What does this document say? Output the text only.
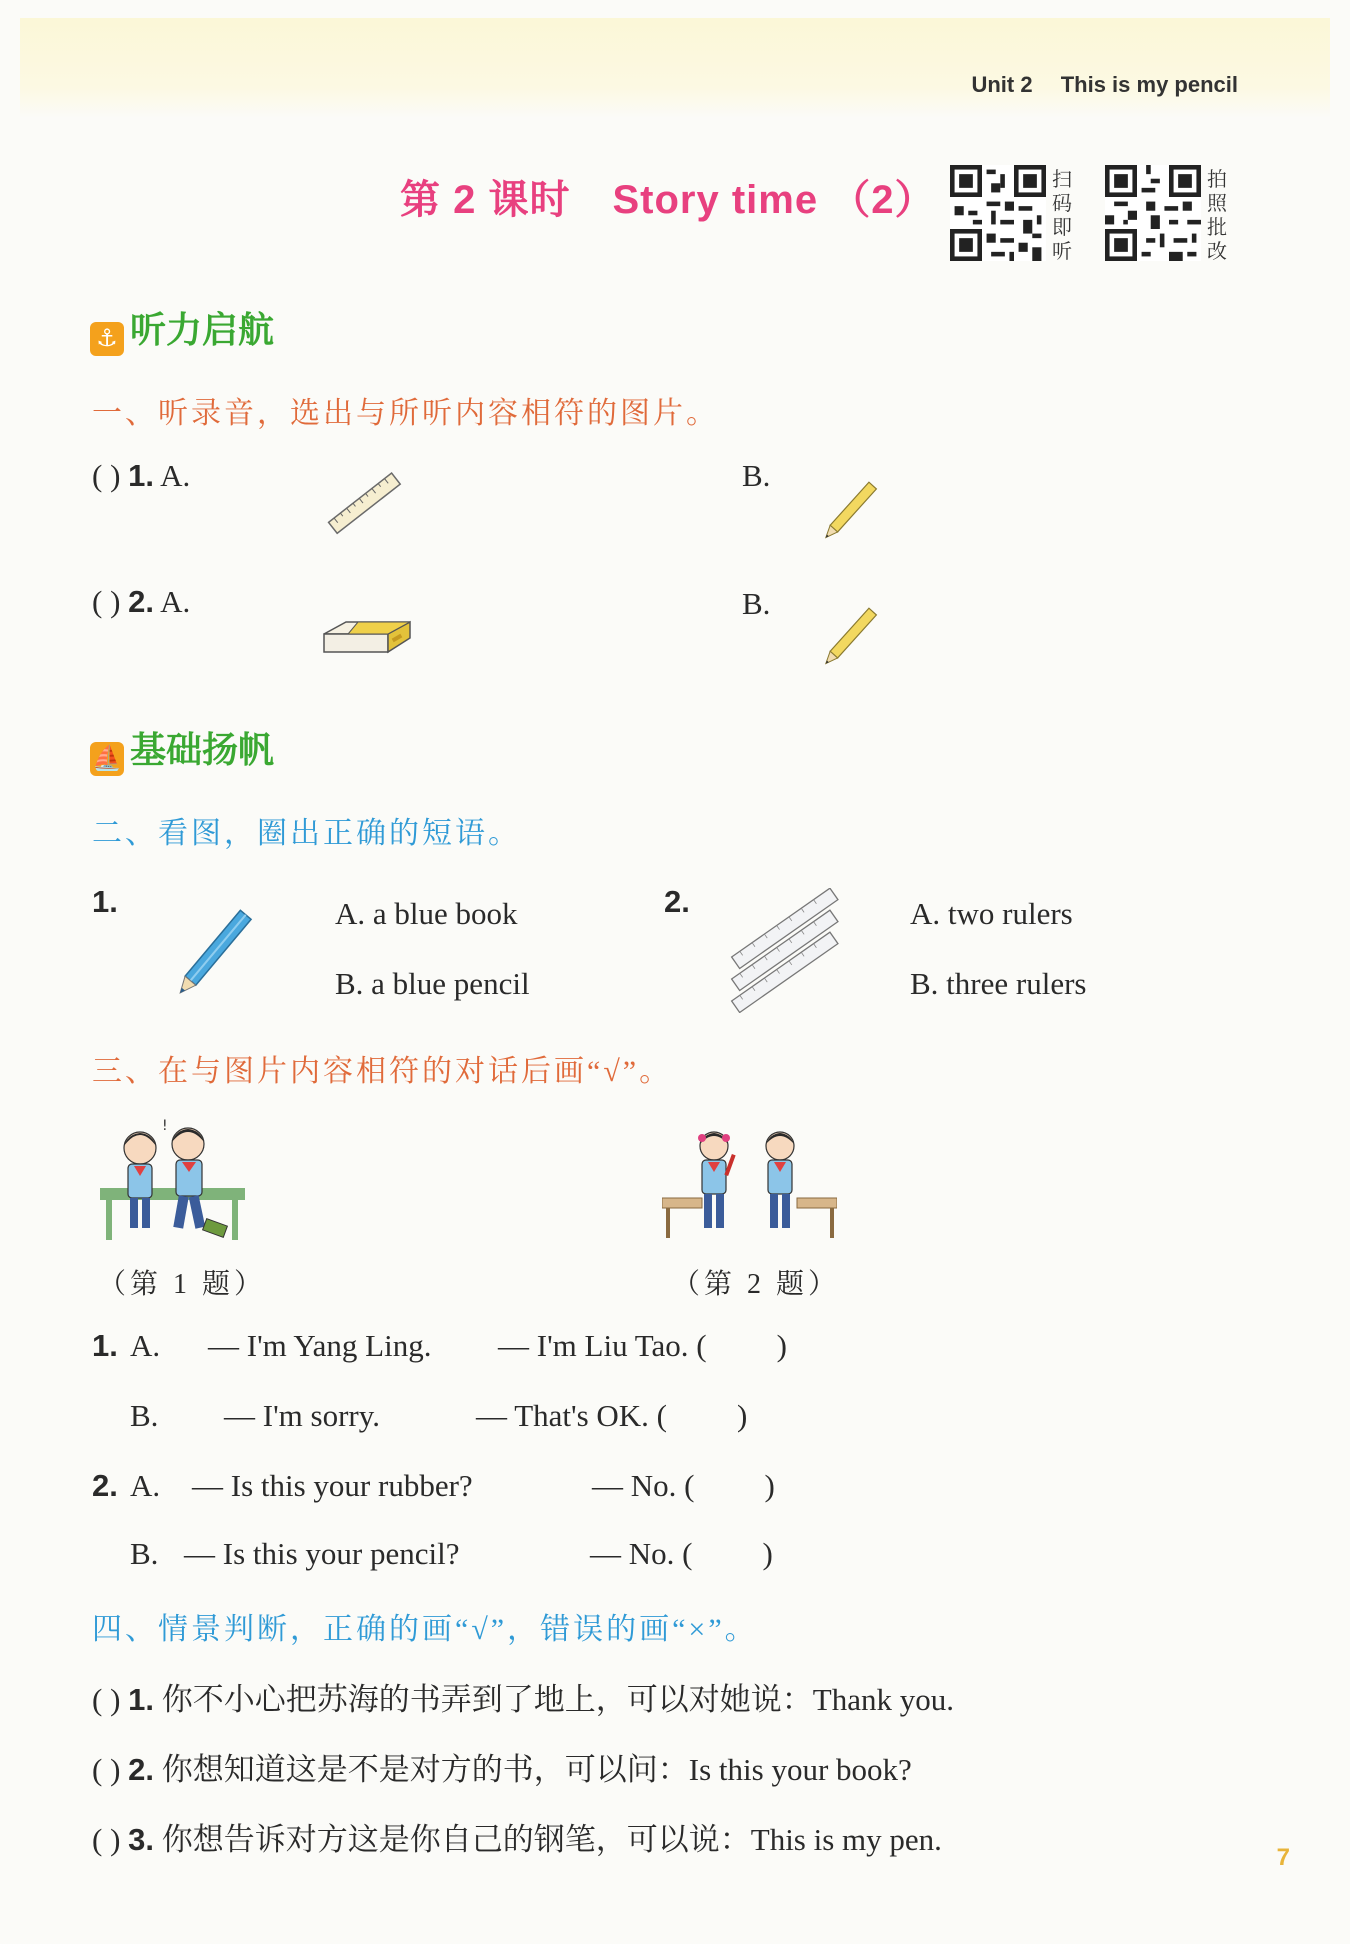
Unit 2 This is my pencil
第 2 课时 Story time （2）	扫码即听
拍照批改
⚓ 听力启航
一、听录音，选出与所听内容相符的图片。
( ) 1. A.	B.
( ) 2. A.	B.
⛵ 基础扬帆
二、看图，圈出正确的短语。
1.	A. a blue book
B. a blue pencil
2.	A. two rulers
B. three rulers
三、在与图片内容相符的对话后画“√”。
!
（第 1 题）	（第 2 题）
1. A. — I'm Yang Ling. — I'm Liu Tao. ( )
B. — I'm sorry.	— That's OK. ( )
2. A. — Is this your rubber?	— No. ( )
B. — Is this your pencil?	— No. ( )
四、情景判断，正确的画“√”，错误的画“×”。
( ) 1. 你不小心把苏海的书弄到了地上，可以对她说：Thank you.
( ) 2. 你想知道这是不是对方的书，可以问：Is this your book?
( ) 3. 你想告诉对方这是你自己的钢笔，可以说：This is my pen.
7
